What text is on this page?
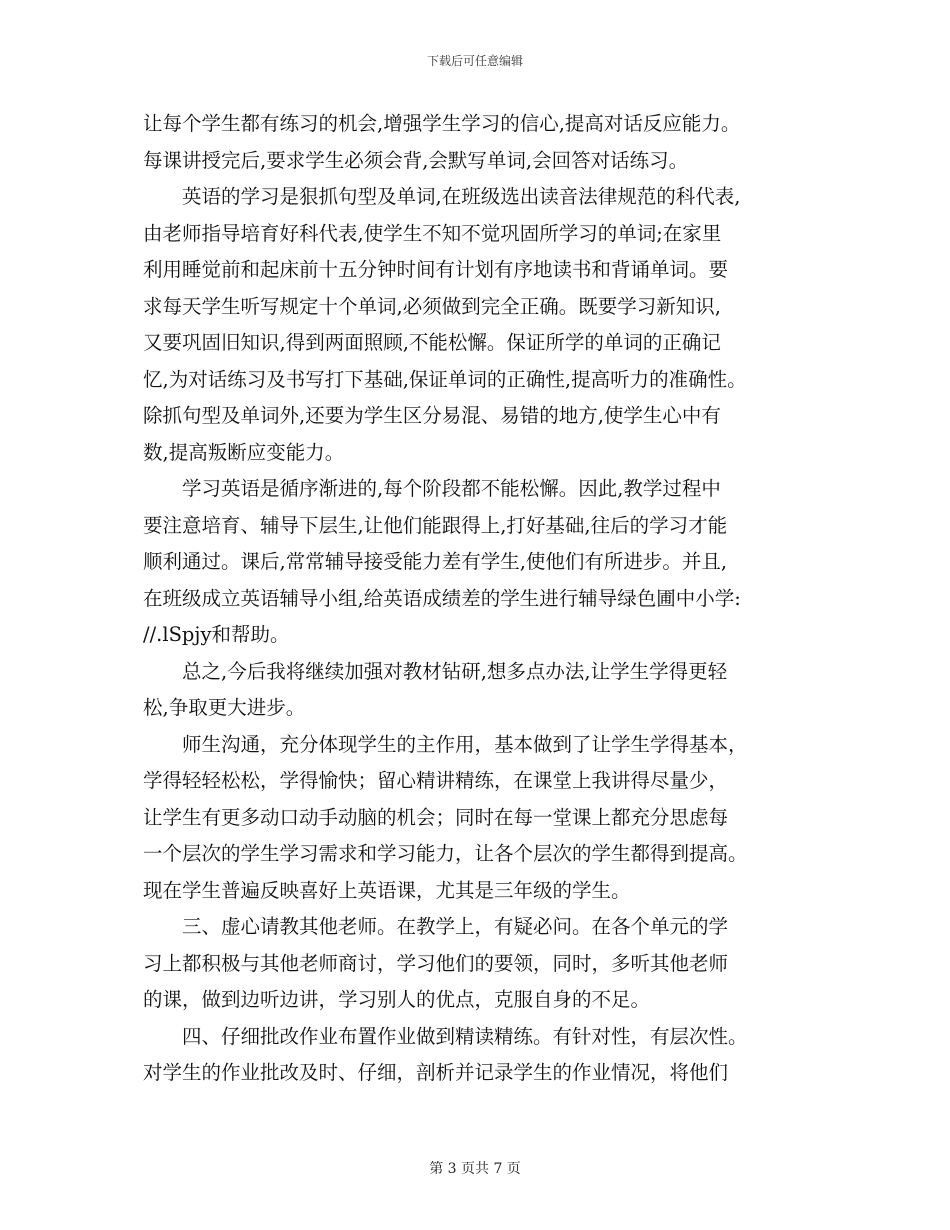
下载后可任意编辑
让每个学生都有练习的机会,增强学生学习的信心,提高对话反应能力。
每课讲授完后,要求学生必须会背,会默写单词,会回答对话练习。
　　英语的学习是狠抓句型及单词,在班级选出读音法律规范的科代表,
由老师指导培育好科代表,使学生不知不觉巩固所学习的单词;在家里
利用睡觉前和起床前十五分钟时间有计划有序地读书和背诵单词。要
求每天学生听写规定十个单词,必须做到完全正确。既要学习新知识,
又要巩固旧知识,得到两面照顾,不能松懈。保证所学的单词的正确记
忆,为对话练习及书写打下基础,保证单词的正确性,提高听力的准确性。
除抓句型及单词外,还要为学生区分易混、易错的地方,使学生心中有
数,提高叛断应变能力。
　　学习英语是循序渐进的,每个阶段都不能松懈。因此,教学过程中
要注意培育、辅导下层生,让他们能跟得上,打好基础,往后的学习才能
顺利通过。课后,常常辅导接受能力差有学生,使他们有所进步。并且,
在班级成立英语辅导小组,给英语成绩差的学生进行辅导绿色圃中小学:
//.lSpjy和帮助。
　　总之,今后我将继续加强对教材钻研,想多点办法,让学生学得更轻
松,争取更大进步。
　　师生沟通，充分体现学生的主作用，基本做到了让学生学得基本，
学得轻轻松松，学得愉快；留心精讲精练，在课堂上我讲得尽量少，
让学生有更多动口动手动脑的机会；同时在每一堂课上都充分思虑每
一个层次的学生学习需求和学习能力，让各个层次的学生都得到提高。
现在学生普遍反映喜好上英语课，尤其是三年级的学生。
　　三、虚心请教其他老师。在教学上，有疑必问。在各个单元的学
习上都积极与其他老师商讨，学习他们的要领，同时，多听其他老师
的课，做到边听边讲，学习别人的优点，克服自身的不足。
　　四、仔细批改作业布置作业做到精读精练。有针对性，有层次性。
对学生的作业批改及时、仔细，剖析并记录学生的作业情况，将他们
第 3 页共 7 页
